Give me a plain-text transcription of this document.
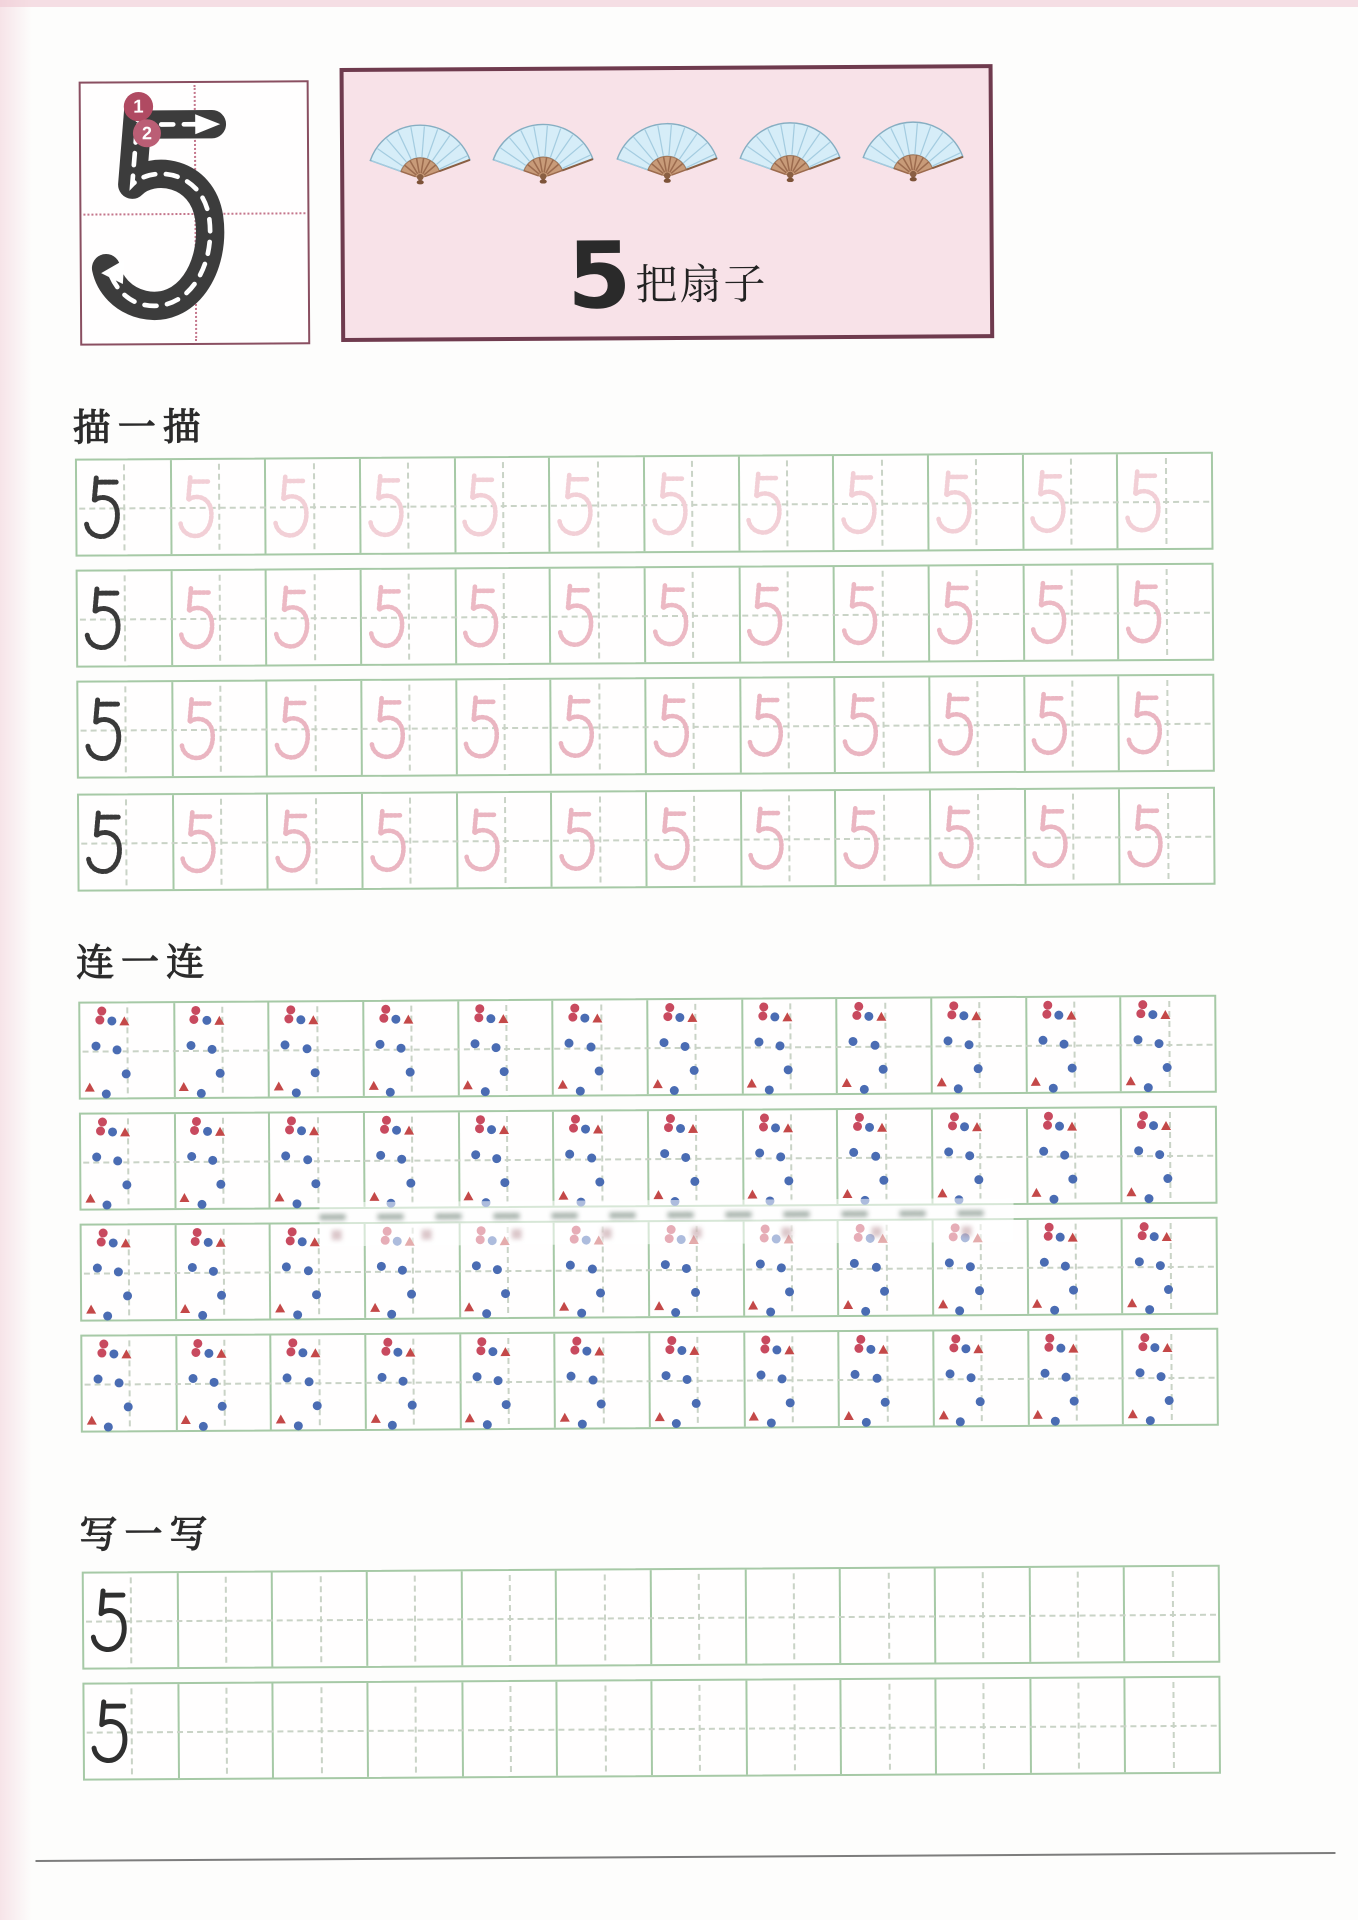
1
2
5 把扇子
描一描
连一连
写一写
